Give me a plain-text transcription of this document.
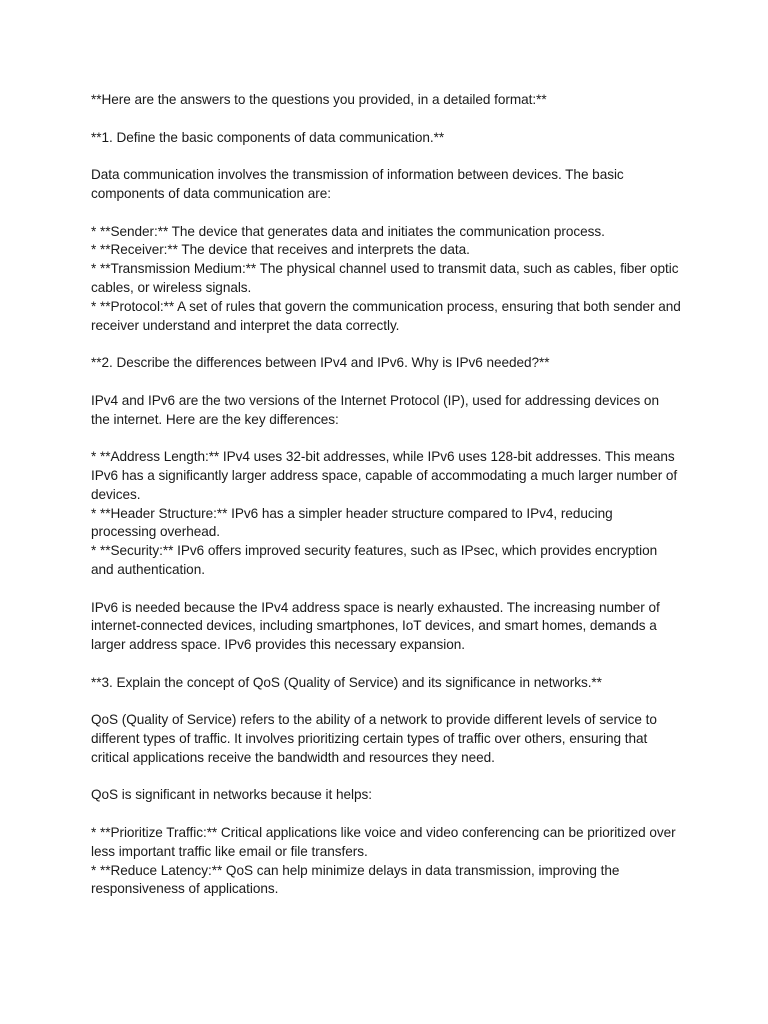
**Here are the answers to the questions you provided, in a detailed format:**

**1. Define the basic components of data communication.**

Data communication involves the transmission of information between devices. The basic components of data communication are:

* **Sender:** The device that generates data and initiates the communication process.
* **Receiver:** The device that receives and interprets the data.
* **Transmission Medium:** The physical channel used to transmit data, such as cables, fiber optic cables, or wireless signals.
* **Protocol:** A set of rules that govern the communication process, ensuring that both sender and receiver understand and interpret the data correctly.

**2. Describe the differences between IPv4 and IPv6. Why is IPv6 needed?**

IPv4 and IPv6 are the two versions of the Internet Protocol (IP), used for addressing devices on the internet. Here are the key differences:

* **Address Length:** IPv4 uses 32-bit addresses, while IPv6 uses 128-bit addresses. This means IPv6 has a significantly larger address space, capable of accommodating a much larger number of devices.
* **Header Structure:** IPv6 has a simpler header structure compared to IPv4, reducing processing overhead.
* **Security:** IPv6 offers improved security features, such as IPsec, which provides encryption and authentication.

IPv6 is needed because the IPv4 address space is nearly exhausted. The increasing number of internet-connected devices, including smartphones, IoT devices, and smart homes, demands a larger address space. IPv6 provides this necessary expansion.

**3. Explain the concept of QoS (Quality of Service) and its significance in networks.**

QoS (Quality of Service) refers to the ability of a network to provide different levels of service to different types of traffic. It involves prioritizing certain types of traffic over others, ensuring that critical applications receive the bandwidth and resources they need.

QoS is significant in networks because it helps:

* **Prioritize Traffic:** Critical applications like voice and video conferencing can be prioritized over less important traffic like email or file transfers.
* **Reduce Latency:** QoS can help minimize delays in data transmission, improving the responsiveness of applications.
